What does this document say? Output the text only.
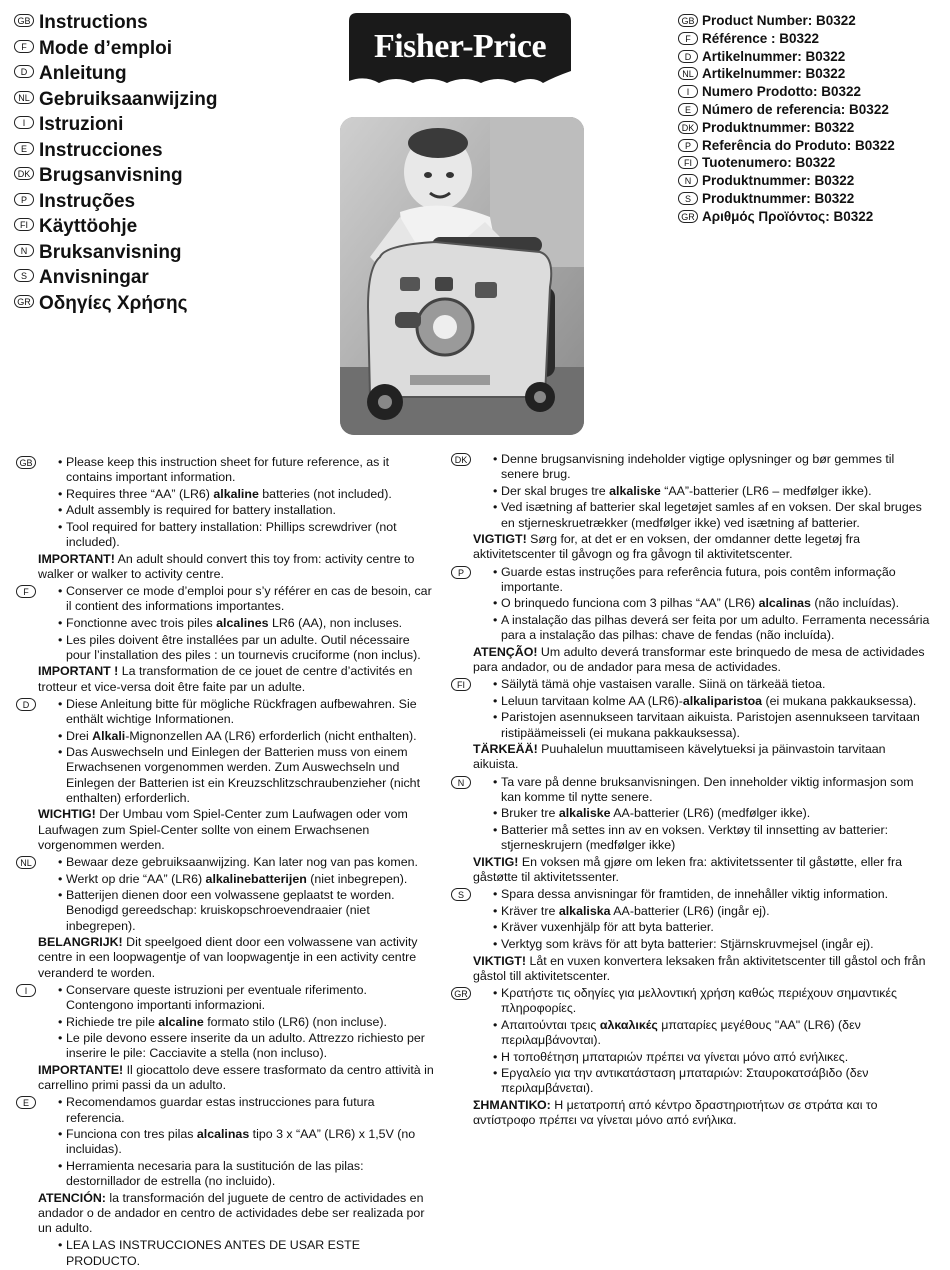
GB Instructions
F Mode d’emploi
D Anleitung
NL Gebruiksaanwijzing
I Istruzioni
E Instrucciones
DK Brugsanvisning
P Instruções
FI Käyttöohje
N Bruksanvisning
S Anvisningar
GR Οδηγίες Χρήσης
Fisher-Price
GB Product Number: B0322
F Référence : B0322
D Artikelnummer: B0322
NL Artikelnummer: B0322
I Numero Prodotto: B0322
E Número de referencia: B0322
DK Produktnummer: B0322
P Referência do Produto: B0322
FI Tuotenumero: B0322
N Produktnummer: B0322
S Produktnummer: B0322
GR Αριθμός Προϊόντος: B0322
GB	• Please keep this instruction sheet for future reference, as it contains important information.
• Requires three “AA” (LR6) alkaline batteries (not included).
• Adult assembly is required for battery installation.
• Tool required for battery installation: Phillips screwdriver (not included).
IMPORTANT! An adult should convert this toy from: activity centre to walker or walker to activity centre.
F	• Conserver ce mode d’emploi pour s’y référer en cas de besoin, car il contient des informations importantes.
• Fonctionne avec trois piles alcalines LR6 (AA), non incluses.
• Les piles doivent être installées par un adulte. Outil nécessaire pour l’installation des piles : un tournevis cruciforme (non inclus).
IMPORTANT ! La transformation de ce jouet de centre d’activités en trotteur et vice-versa doit être faite par un adulte.
D	• Diese Anleitung bitte für mögliche Rückfragen aufbewahren. Sie enthält wichtige Informationen.
• Drei Alkali-Mignonzellen AA (LR6) erforderlich (nicht enthalten).
• Das Auswechseln und Einlegen der Batterien muss von einem Erwachsenen vorgenommen werden. Zum Auswechseln und Einlegen der Batterien ist ein Kreuzschlitzschraubenzieher (nicht enthalten) erforderlich.
WICHTIG! Der Umbau vom Spiel-Center zum Laufwagen oder vom Laufwagen zum Spiel-Center sollte von einem Erwachsenen vorgenommen werden.
NL	• Bewaar deze gebruiksaanwijzing. Kan later nog van pas komen.
• Werkt op drie “AA” (LR6) alkalinebatterijen (niet inbegrepen).
• Batterijen dienen door een volwassene geplaatst te worden. Benodigd gereedschap: kruiskopschroevendraaier (niet inbegrepen).
BELANGRIJK! Dit speelgoed dient door een volwassene van activity centre in een loopwagentje of van loopwagentje in een activity centre veranderd te worden.
I	• Conservare queste istruzioni per eventuale riferimento. Contengono importanti informazioni.
• Richiede tre pile alcaline formato stilo (LR6) (non incluse).
• Le pile devono essere inserite da un adulto. Attrezzo richiesto per inserire le pile: Cacciavite a stella (non incluso).
IMPORTANTE! Il giocattolo deve essere trasformato da centro attività in carrellino primi passi da un adulto.
E	• Recomendamos guardar estas instrucciones para futura referencia.
• Funciona con tres pilas alcalinas tipo 3 x “AA” (LR6) x 1,5V (no incluidas).
• Herramienta necesaria para la sustitución de las pilas: destornillador de estrella (no incluido).
ATENCIÓN: la transformación del juguete de centro de actividades en andador o de andador en centro de actividades debe ser realizada por un adulto.
• LEA LAS INSTRUCCIONES ANTES DE USAR ESTE PRODUCTO.
DK	• Denne brugsanvisning indeholder vigtige oplysninger og bør gemmes til senere brug.
• Der skal bruges tre alkaliske “AA”-batterier (LR6 – medfølger ikke).
• Ved isætning af batterier skal legetøjet samles af en voksen. Der skal bruges en stjerneskruetrækker (medfølger ikke) ved isætning af batterier.
VIGTIGT! Sørg for, at det er en voksen, der omdanner dette legetøj fra aktivitetscenter til gåvogn og fra gåvogn til aktivitetscenter.
P	• Guarde estas instruções para referência futura, pois contêm informação importante.
• O brinquedo funciona com 3 pilhas “AA” (LR6) alcalinas (não incluídas).
• A instalação das pilhas deverá ser feita por um adulto. Ferramenta necessária para a instalação das pilhas: chave de fendas (não incluída).
ATENÇÃO! Um adulto deverá transformar este brinquedo de mesa de actividades para andador, ou de andador para mesa de actividades.
FI	• Säilytä tämä ohje vastaisen varalle. Siinä on tärkeää tietoa.
• Leluun tarvitaan kolme AA (LR6)-alkaliparistoa (ei mukana pakkauksessa).
• Paristojen asennukseen tarvitaan aikuista. Paristojen asennukseen tarvitaan ristipäämeisseli (ei mukana pakkauksessa).
TÄRKEÄÄ! Puuhalelun muuttamiseen kävelytueksi ja päinvastoin tarvitaan aikuista.
N	• Ta vare på denne bruksanvisningen. Den inneholder viktig informasjon som kan komme til nytte senere.
• Bruker tre alkaliske AA-batterier (LR6) (medfølger ikke).
• Batterier må settes inn av en voksen. Verktøy til innsetting av batterier: stjerneskrujern (medfølger ikke)
VIKTIG! En voksen må gjøre om leken fra: aktivitetssenter til gåstøtte, eller fra gåstøtte til aktivitetssenter.
S	• Spara dessa anvisningar för framtiden, de innehåller viktig information.
• Kräver tre alkaliska AA-batterier (LR6) (ingår ej).
• Kräver vuxenhjälp för att byta batterier.
• Verktyg som krävs för att byta batterier: Stjärnskruvmejsel (ingår ej).
VIKTIGT! Låt en vuxen konvertera leksaken från aktivitetscenter till gåstol och från gåstol till aktivitetscenter.
GR	• Κρατήστε τις οδηγίες για μελλοντική χρήση καθώς περιέχουν σημαντικές πληροφορίες.
• Απαιτούνται τρεις αλκαλικές μπαταρίες μεγέθους "AA" (LR6) (δεν περιλαμβάνονται).
• Η τοποθέτηση μπαταριών πρέπει να γίνεται μόνο από ενήλικες.
• Εργαλείο για την αντικατάσταση μπαταριών: Σταυροκατσάβιδο (δεν περιλαμβάνεται).
ΣΗΜΑΝΤΙΚΟ: Η μετατροπή από κέντρο δραστηριοτήτων σε στράτα και το αντίστροφο πρέπει να γίνεται μόνο από ενήλικα.
